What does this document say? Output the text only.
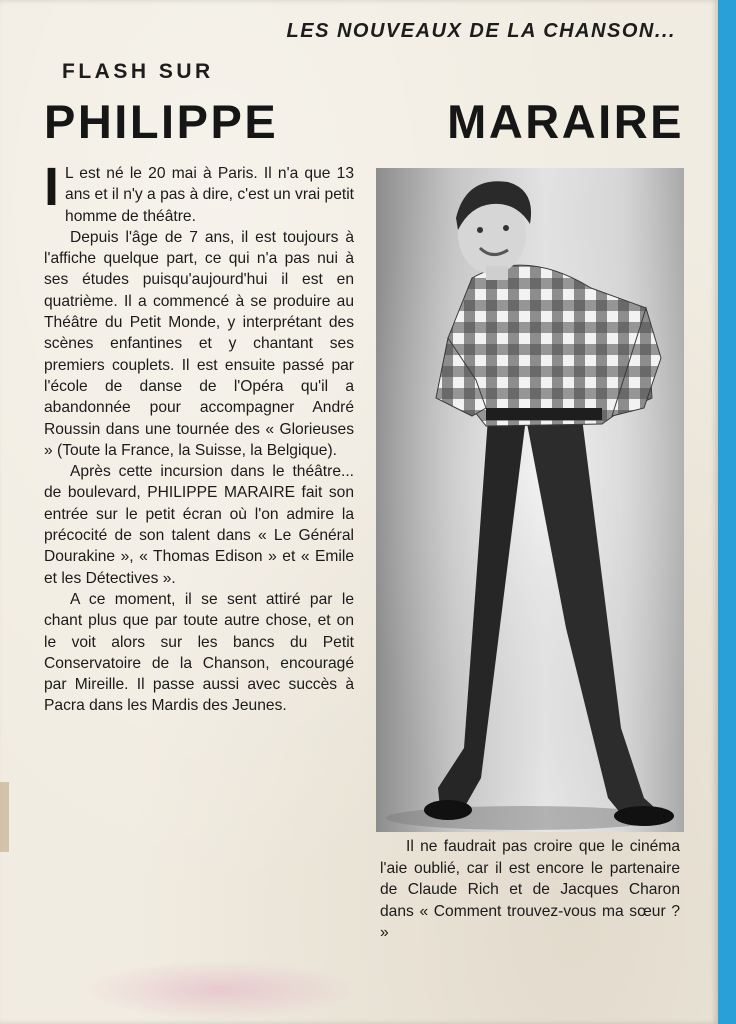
LES NOUVEAUX DE LA CHANSON...
FLASH SUR
PHILIPPE	MARAIRE

I L est né le 20 mai à Paris. Il n'a que 13 ans et il n'y a pas à dire, c'est un vrai petit homme de théâtre.

Depuis l'âge de 7 ans, il est toujours à l'affiche quelque part, ce qui n'a pas nui à ses études puisqu'aujourd'hui il est en quatrième. Il a commencé à se produire au Théâtre du Petit Monde, y interprétant des scènes enfantines et y chantant ses premiers couplets. Il est ensuite passé par l'école de danse de l'Opéra qu'il a abandonnée pour accompagner André Roussin dans une tournée des « Glorieuses » (Toute la France, la Suisse, la Belgique).

Après cette incursion dans le théâtre... de boulevard, PHILIPPE MARAIRE fait son entrée sur le petit écran où l'on admire la précocité de son talent dans « Le Général Dourakine », « Thomas Edison » et « Emile et les Détectives ».

A ce moment, il se sent attiré par le chant plus que par toute autre chose, et on le voit alors sur les bancs du Petit Conservatoire de la Chanson, encouragé par Mireille. Il passe aussi avec succès à Pacra dans les Mardis des Jeunes.

Il ne faudrait pas croire que le cinéma l'aie oublié, car il est encore le partenaire de Claude Rich et de Jacques Charon dans « Comment trouvez-vous ma sœur ? »
